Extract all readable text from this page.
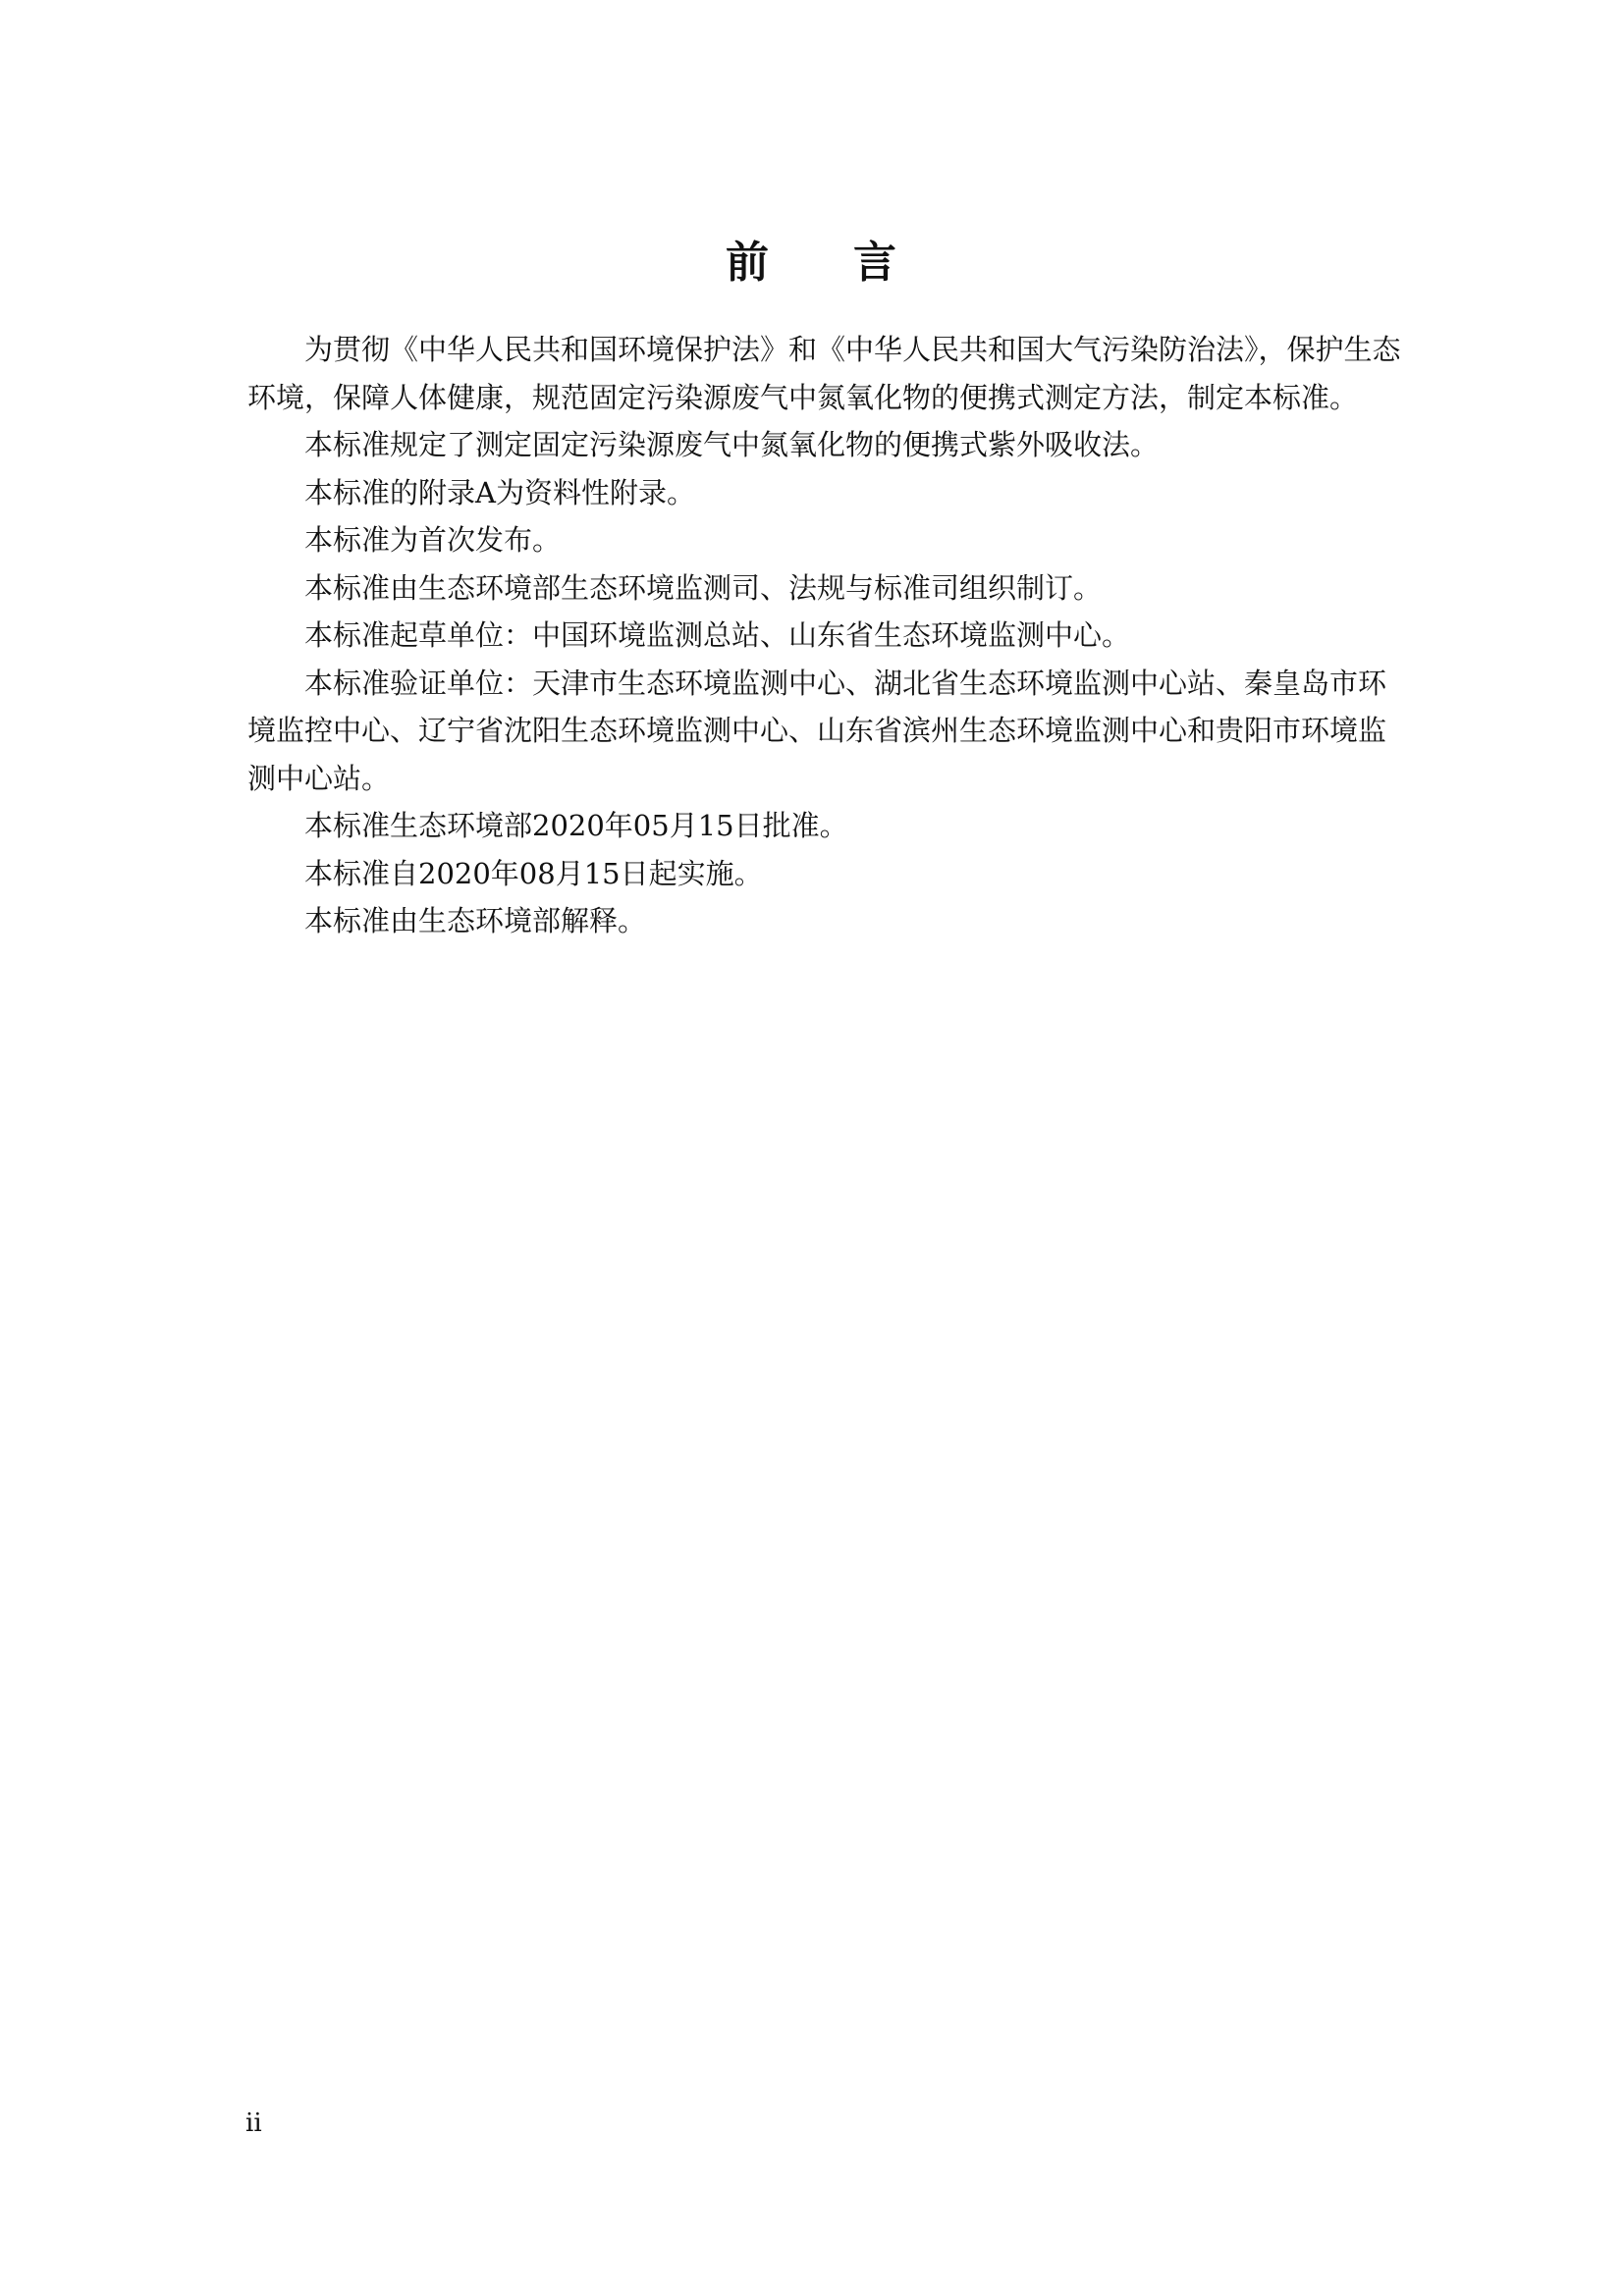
前 言

为贯彻《中华人民共和国环境保护法》和《中华人民共和国大气污染防治法》，保护生态环境，保障人体健康，规范固定污染源废气中氮氧化物的便携式测定方法，制定本标准。

本标准规定了测定固定污染源废气中氮氧化物的便携式紫外吸收法。

本标准的附录A为资料性附录。

本标准为首次发布。

本标准由生态环境部生态环境监测司、法规与标准司组织制订。

本标准起草单位：中国环境监测总站、山东省生态环境监测中心。

本标准验证单位：天津市生态环境监测中心、湖北省生态环境监测中心站、秦皇岛市环境监控中心、辽宁省沈阳生态环境监测中心、山东省滨州生态环境监测中心和贵阳市环境监测中心站。

本标准生态环境部2020年05月15日批准。

本标准自2020年08月15日起实施。

本标准由生态环境部解释。

ii
